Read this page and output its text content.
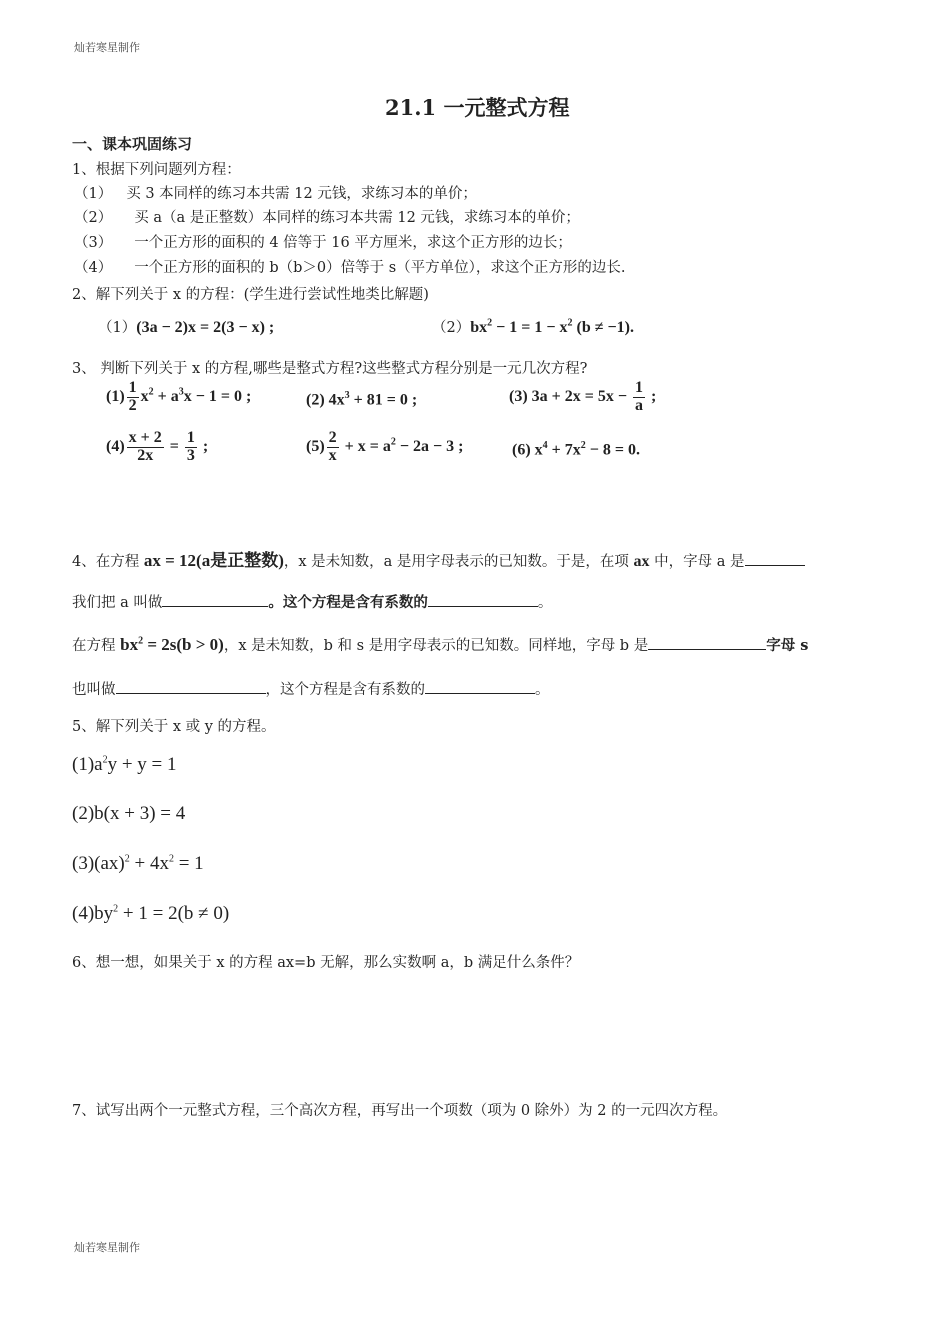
灿若寒星制作
21.1 一元整式方程
一、课本巩固练习
1、根据下列问题列方程：
（1） 买 3 本同样的练习本共需 12 元钱，求练习本的单价；
（2） 买 a（a 是正整数）本同样的练习本共需 12 元钱，求练习本的单价；
（3） 一个正方形的面积的 4 倍等于 16 平方厘米，求这个正方形的边长；
（4） 一个正方形的面积的 b（b＞0）倍等于 s（平方单位），求这个正方形的边长.
2、解下列关于 x 的方程：(学生进行尝试性地类比解题)
（1）(3a − 2)x = 2(3 − x) ;	$(2)bx^2 - 1 = 1 - x^2$ (b ≠ −1).
3、 判断下列关于 x 的方程,哪些是整式方程?这些整式方程分别是一元几次方程?
$(1) \frac{1}{2} x^2 + a^3x - 1 = 0$ ;	(2) $4x^3 + 81 = 0$ ;	(3) $3a + 2x = 5x - \frac{1}{a}$ ;
$(4) \frac{x + 2}{2x} = \frac{1}{3}$ ;	$(5) \frac{2}{x} + x = a^2 - 2a - 3$ ;	(6) $x^4 + 7x^2 - 8 = 0$.
4、在方程 ax = 12(a是正整数)，x 是未知数，a 是用字母表示的已知数。于是，在项 ax 中，字母 a 是
我们把 a 叫做	。这个方程是含有系数的	。
在方程 $bx^2 = 2s(b > 0)$，x 是未知数，b 和 s 是用字母表示的已知数。同样地，字母 b 是	字母 s
也叫做	，这个方程是含有系数的	。
5、解下列关于 x 或 y 的方程。
$(1)a^2y + y = 1$
(2)b(x + 3) = 4
$(3)(ax)^2 + 4x^2 = 1$
$(4)by^2 + 1 = 2(b \ne 0)$
6、想一想，如果关于 x 的方程 ax=b 无解，那么实数啊 a，b 满足什么条件？
7、试写出两个一元整式方程，三个高次方程，再写出一个项数（项为 0 除外）为 2 的一元四次方程。
灿若寒星制作
